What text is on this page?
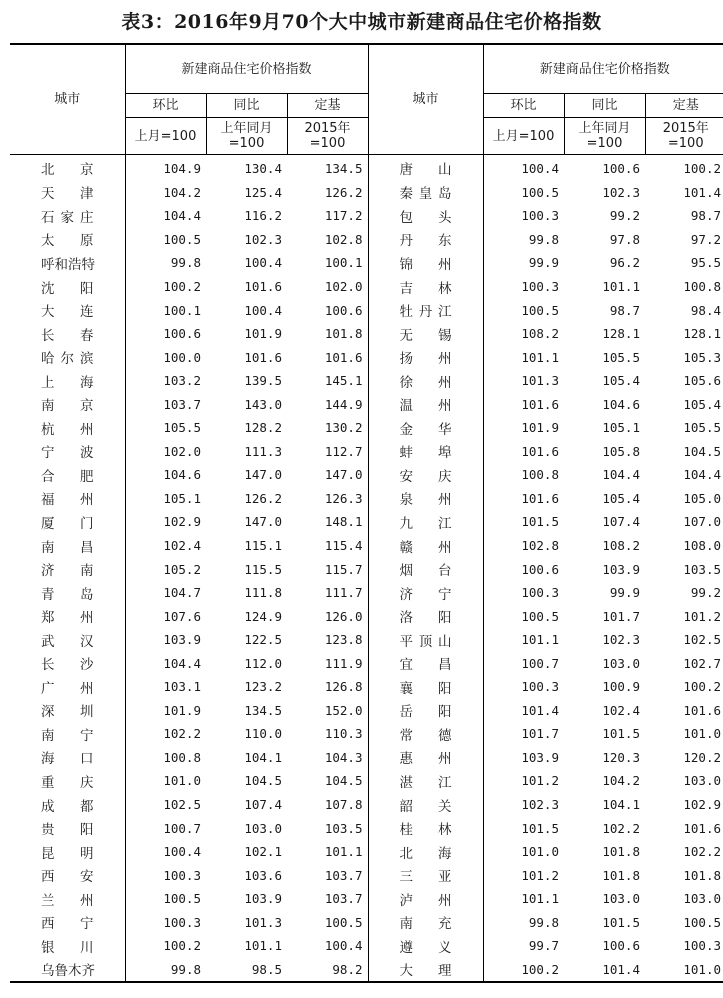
表3：2016年9月70个大中城市新建商品住宅价格指数
城市	新建商品住宅价格指数			城市	新建商品住宅价格指数		
	环比	同比	定基		环比	同比	定基
	上月=100	上年同月=100	2015年=100		上月=100	上年同月=100	2015年=100
北京	104.9	130.4	134.5	唐山	100.4	100.6	100.2
天津	104.2	125.4	126.2	秦皇岛	100.5	102.3	101.4
石家庄	104.4	116.2	117.2	包头	100.3	99.2	98.7
太原	100.5	102.3	102.8	丹东	99.8	97.8	97.2
呼和浩特	99.8	100.4	100.1	锦州	99.9	96.2	95.5
沈阳	100.2	101.6	102.0	吉林	100.3	101.1	100.8
大连	100.1	100.4	100.6	牡丹江	100.5	98.7	98.4
长春	100.6	101.9	101.8	无锡	108.2	128.1	128.1
哈尔滨	100.0	101.6	101.6	扬州	101.1	105.5	105.3
上海	103.2	139.5	145.1	徐州	101.3	105.4	105.6
南京	103.7	143.0	144.9	温州	101.6	104.6	105.4
杭州	105.5	128.2	130.2	金华	101.9	105.1	105.5
宁波	102.0	111.3	112.7	蚌埠	101.6	105.8	104.5
合肥	104.6	147.0	147.0	安庆	100.8	104.4	104.4
福州	105.1	126.2	126.3	泉州	101.6	105.4	105.0
厦门	102.9	147.0	148.1	九江	101.5	107.4	107.0
南昌	102.4	115.1	115.4	赣州	102.8	108.2	108.0
济南	105.2	115.5	115.7	烟台	100.6	103.9	103.5
青岛	104.7	111.8	111.7	济宁	100.3	99.9	99.2
郑州	107.6	124.9	126.0	洛阳	100.5	101.7	101.2
武汉	103.9	122.5	123.8	平顶山	101.1	102.3	102.5
长沙	104.4	112.0	111.9	宜昌	100.7	103.0	102.7
广州	103.1	123.2	126.8	襄阳	100.3	100.9	100.2
深圳	101.9	134.5	152.0	岳阳	101.4	102.4	101.6
南宁	102.2	110.0	110.3	常德	101.7	101.5	101.0
海口	100.8	104.1	104.3	惠州	103.9	120.3	120.2
重庆	101.0	104.5	104.5	湛江	101.2	104.2	103.0
成都	102.5	107.4	107.8	韶关	102.3	104.1	102.9
贵阳	100.7	103.0	103.5	桂林	101.5	102.2	101.6
昆明	100.4	102.1	101.1	北海	101.0	101.8	102.2
西安	100.3	103.6	103.7	三亚	101.2	101.8	101.8
兰州	100.5	103.9	103.7	泸州	101.1	103.0	103.0
西宁	100.3	101.3	100.5	南充	99.8	101.5	100.5
银川	100.2	101.1	100.4	遵义	99.7	100.6	100.3
乌鲁木齐	99.8	98.5	98.2	大理	100.2	101.4	101.0
